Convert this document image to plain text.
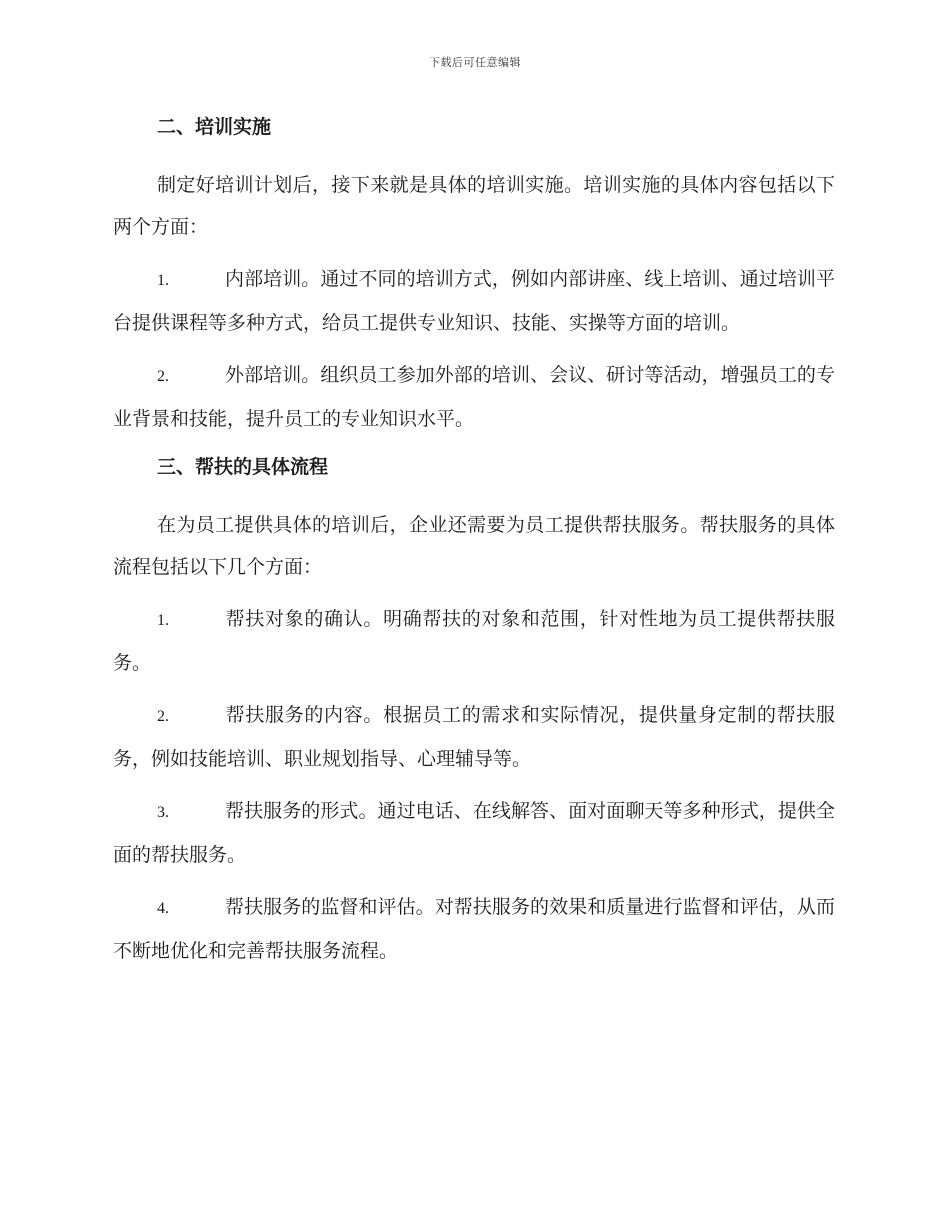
下载后可任意编辑
二、培训实施

制定好培训计划后，接下来就是具体的培训实施。培训实施的具体内容包括以下两个方面：

1.	内部培训。通过不同的培训方式，例如内部讲座、线上培训、通过培训平台提供课程等多种方式，给员工提供专业知识、技能、实操等方面的培训。

2.	外部培训。组织员工参加外部的培训、会议、研讨等活动，增强员工的专业背景和技能，提升员工的专业知识水平。

三、帮扶的具体流程

在为员工提供具体的培训后，企业还需要为员工提供帮扶服务。帮扶服务的具体流程包括以下几个方面：

1.	帮扶对象的确认。明确帮扶的对象和范围，针对性地为员工提供帮扶服务。

2.	帮扶服务的内容。根据员工的需求和实际情况，提供量身定制的帮扶服务，例如技能培训、职业规划指导、心理辅导等。

3.	帮扶服务的形式。通过电话、在线解答、面对面聊天等多种形式，提供全面的帮扶服务。

4.	帮扶服务的监督和评估。对帮扶服务的效果和质量进行监督和评估，从而不断地优化和完善帮扶服务流程。
